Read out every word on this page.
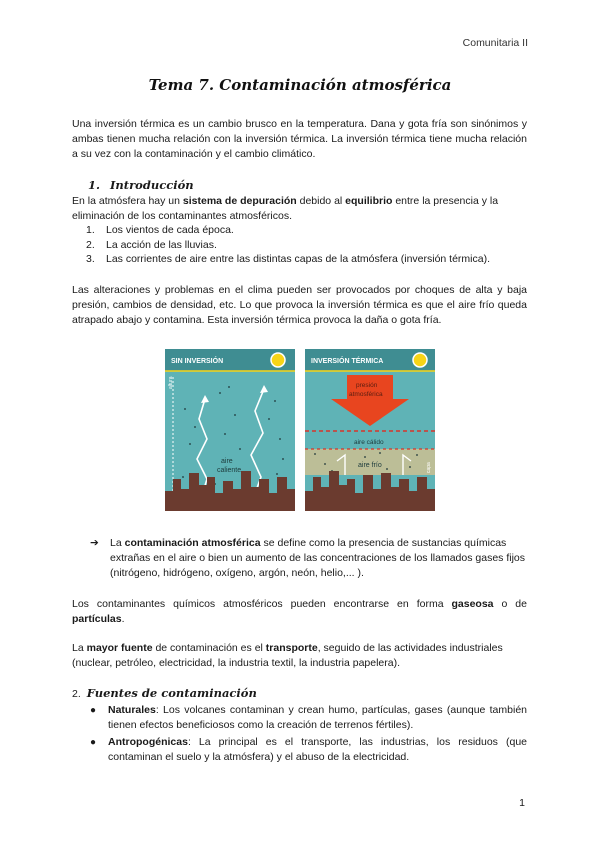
Comunitaria II
Tema 7. Contaminación atmosférica
Una inversión térmica es un cambio brusco en la temperatura. Dana y gota fría son sinónimos y ambas tienen mucha relación con la inversión térmica. La inversión térmica tiene mucha relación a su vez con la contaminación y el cambio climático.
1. Introducción
En la atmósfera hay un sistema de depuración debido al equilibrio entre la presencia y la eliminación de los contaminantes atmosféricos.
1. Los vientos de cada época.
2. La acción de las lluvias.
3. Las corrientes de aire entre las distintas capas de la atmósfera (inversión térmica).
Las alteraciones y problemas en el clima pueden ser provocados por choques de alta y baja presión, cambios de densidad, etc. Lo que provoca la inversión térmica es que el aire frío queda atrapado abajo y contamina. Esta inversión térmica provoca la daña o gota fría.
SIN INVERSIÓN
aire
caliente
altura
INVERSIÓN TÉRMICA
presión
atmosférica
aire cálido
aire frío	capa
➔ La contaminación atmosférica se define como la presencia de sustancias químicas extrañas en el aire o bien un aumento de las concentraciones de los llamados gases fijos (nitrógeno, hidrógeno, oxígeno, argón, neón, helio,... ).
Los contaminantes químicos atmosféricos pueden encontrarse en forma gaseosa o de partículas.
La mayor fuente de contaminación es el transporte, seguido de las actividades industriales (nuclear, petróleo, electricidad, la industria textil, la industria papelera).
2. Fuentes de contaminación
● Naturales: Los volcanes contaminan y crean humo, partículas, gases (aunque también tienen efectos beneficiosos como la creación de terrenos fértiles).
● Antropogénicas: La principal es el transporte, las industrias, los residuos (que contaminan el suelo y la atmósfera) y el abuso de la electricidad.
1
